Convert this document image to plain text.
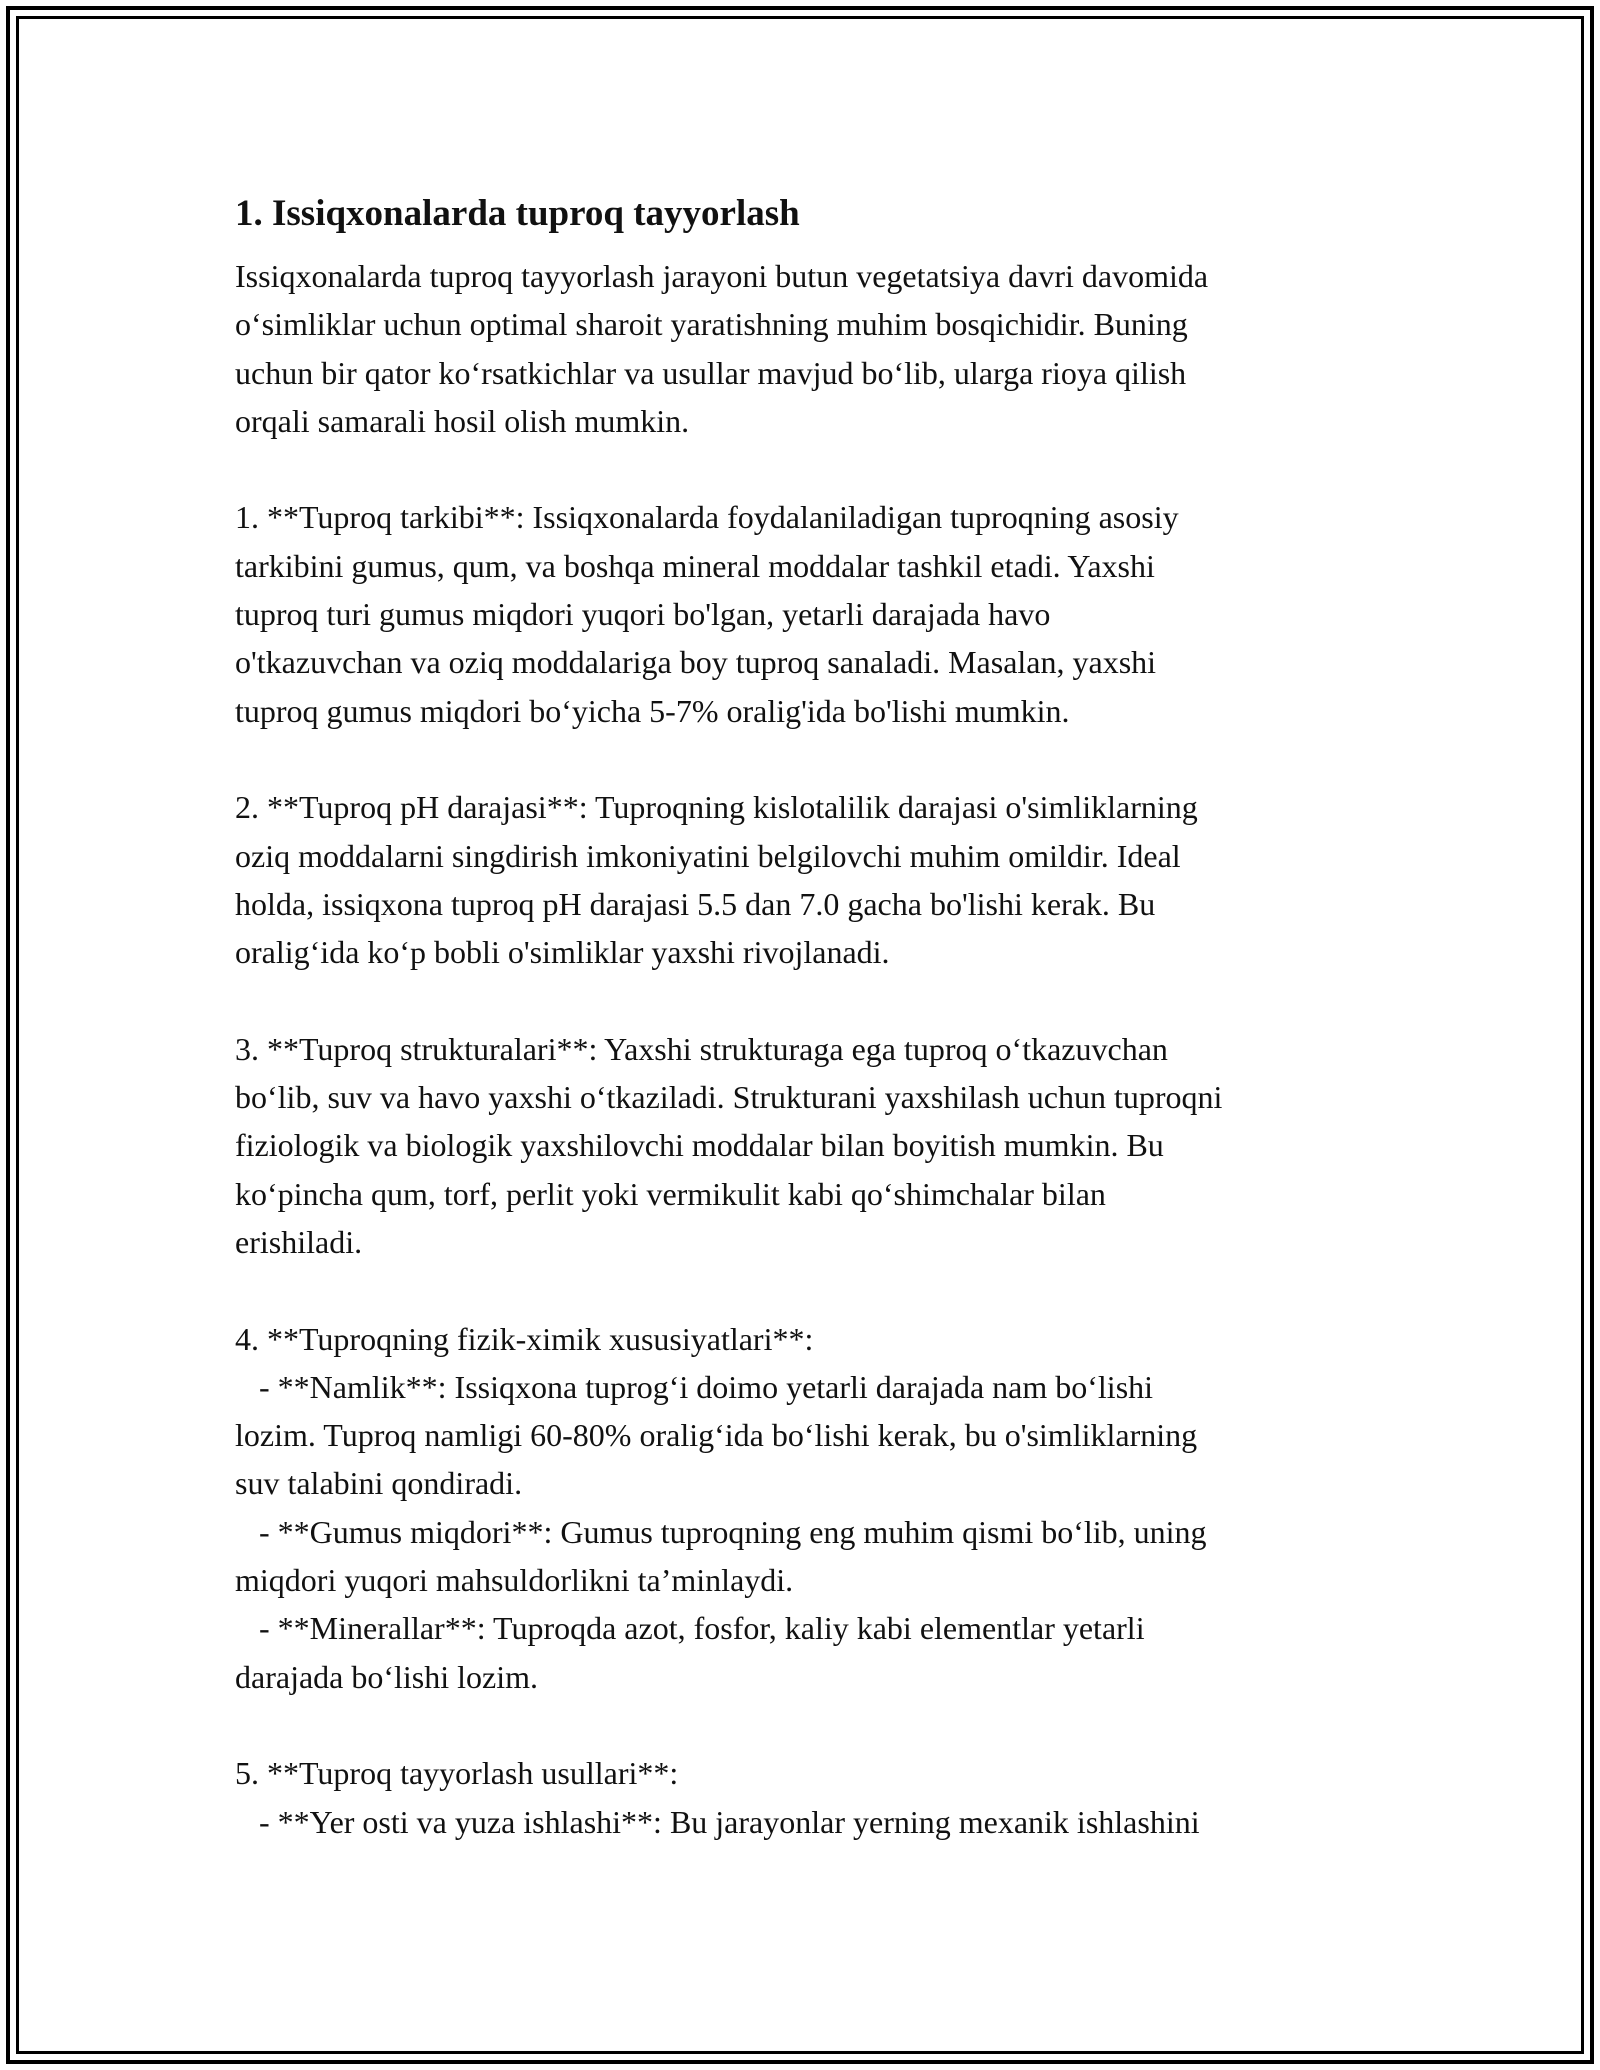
1. Issiqxonalarda tuproq tayyorlash
Issiqxonalarda tuproq tayyorlash jarayoni butun vegetatsiya davri davomida
o‘simliklar uchun optimal sharoit yaratishning muhim bosqichidir. Buning
uchun bir qator ko‘rsatkichlar va usullar mavjud bo‘lib, ularga rioya qilish
orqali samarali hosil olish mumkin.
1. **Tuproq tarkibi**: Issiqxonalarda foydalaniladigan tuproqning asosiy
tarkibini gumus, qum, va boshqa mineral moddalar tashkil etadi. Yaxshi
tuproq turi gumus miqdori yuqori bo'lgan, yetarli darajada havo
o'tkazuvchan va oziq moddalariga boy tuproq sanaladi. Masalan, yaxshi
tuproq gumus miqdori bo‘yicha 5-7% oralig'ida bo'lishi mumkin.
2. **Tuproq pH darajasi**: Tuproqning kislotalilik darajasi o'simliklarning
oziq moddalarni singdirish imkoniyatini belgilovchi muhim omildir. Ideal
holda, issiqxona tuproq pH darajasi 5.5 dan 7.0 gacha bo'lishi kerak. Bu
oralig‘ida ko‘p bobli o'simliklar yaxshi rivojlanadi.
3. **Tuproq strukturalari**: Yaxshi strukturaga ega tuproq o‘tkazuvchan
bo‘lib, suv va havo yaxshi o‘tkaziladi. Strukturani yaxshilash uchun tuproqni
fiziologik va biologik yaxshilovchi moddalar bilan boyitish mumkin. Bu
ko‘pincha qum, torf, perlit yoki vermikulit kabi qo‘shimchalar bilan
erishiladi.
4. **Tuproqning fizik-ximik xususiyatlari**:
- **Namlik**: Issiqxona tuprog‘i doimo yetarli darajada nam bo‘lishi
lozim. Tuproq namligi 60-80% oralig‘ida bo‘lishi kerak, bu o'simliklarning
suv talabini qondiradi.
- **Gumus miqdori**: Gumus tuproqning eng muhim qismi bo‘lib, uning
miqdori yuqori mahsuldorlikni ta’minlaydi.
- **Minerallar**: Tuproqda azot, fosfor, kaliy kabi elementlar yetarli
darajada bo‘lishi lozim.
5. **Tuproq tayyorlash usullari**:
- **Yer osti va yuza ishlashi**: Bu jarayonlar yerning mexanik ishlashini
